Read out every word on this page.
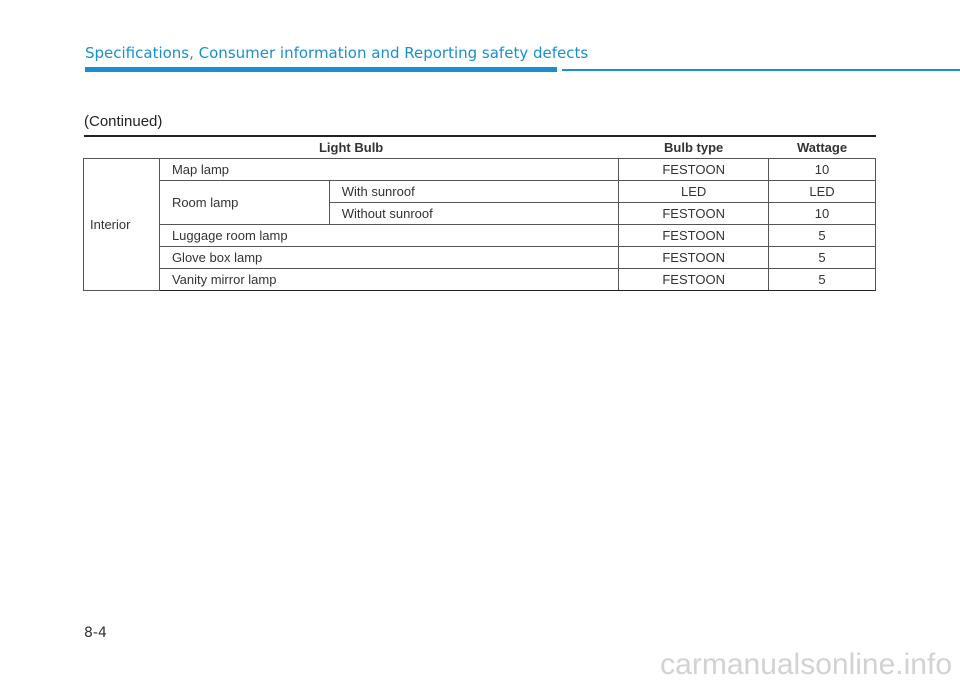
Specifications, Consumer information and Reporting safety defects
(Continued)
Light Bulb			Bulb type	Wattage
Interior	Map lamp		FESTOON	10
	Room lamp	With sunroof	LED	LED
		Without sunroof	FESTOON	10
	Luggage room lamp		FESTOON	5
	Glove box lamp		FESTOON	5
	Vanity mirror lamp		FESTOON	5
8-4
carmanualsonline.info
